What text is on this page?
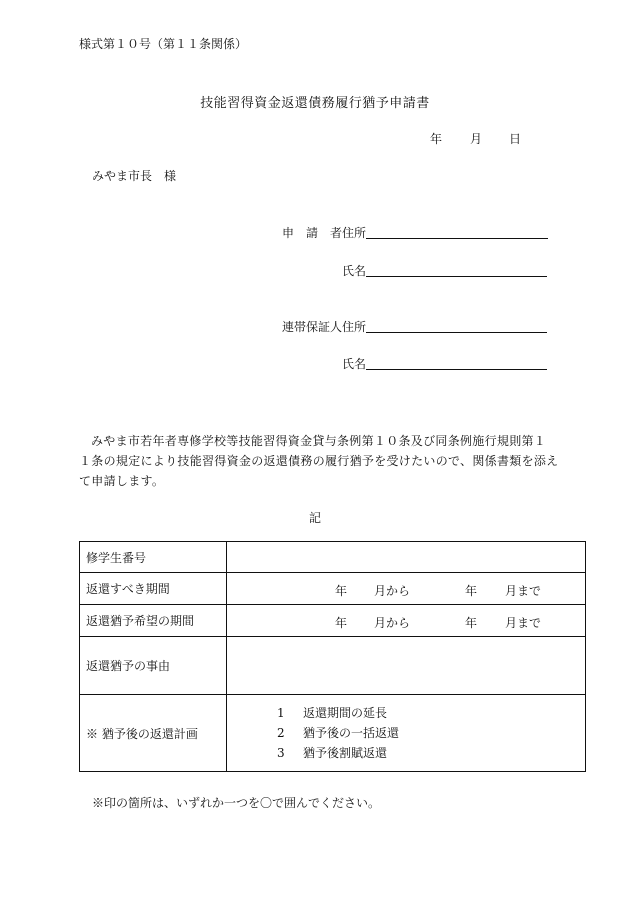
様式第１０号（第１１条関係）
技能習得資金返還債務履行猶予申請書
年 月 日
みやま市長　様
申　請　者住所
氏名
連帯保証人住所
氏名
みやま市若年者専修学校等技能習得資金貸与条例第１０条及び同条例施行規則第１
１条の規定により技能習得資金の返還債務の履行猶予を受けたいので、関係書類を添え
て申請します。
記
修学生番号	
返還すべき期間	年 月から 年 月まで

返還猶予希望の期間	年 月から 年 月まで

返還猶予の事由	
※ 猶予後の返還計画	1 返還期間の延長
2 猶予後の一括返還
3 猶予後割賦返還
※印の箇所は、いずれか一つを〇で囲んでください。
